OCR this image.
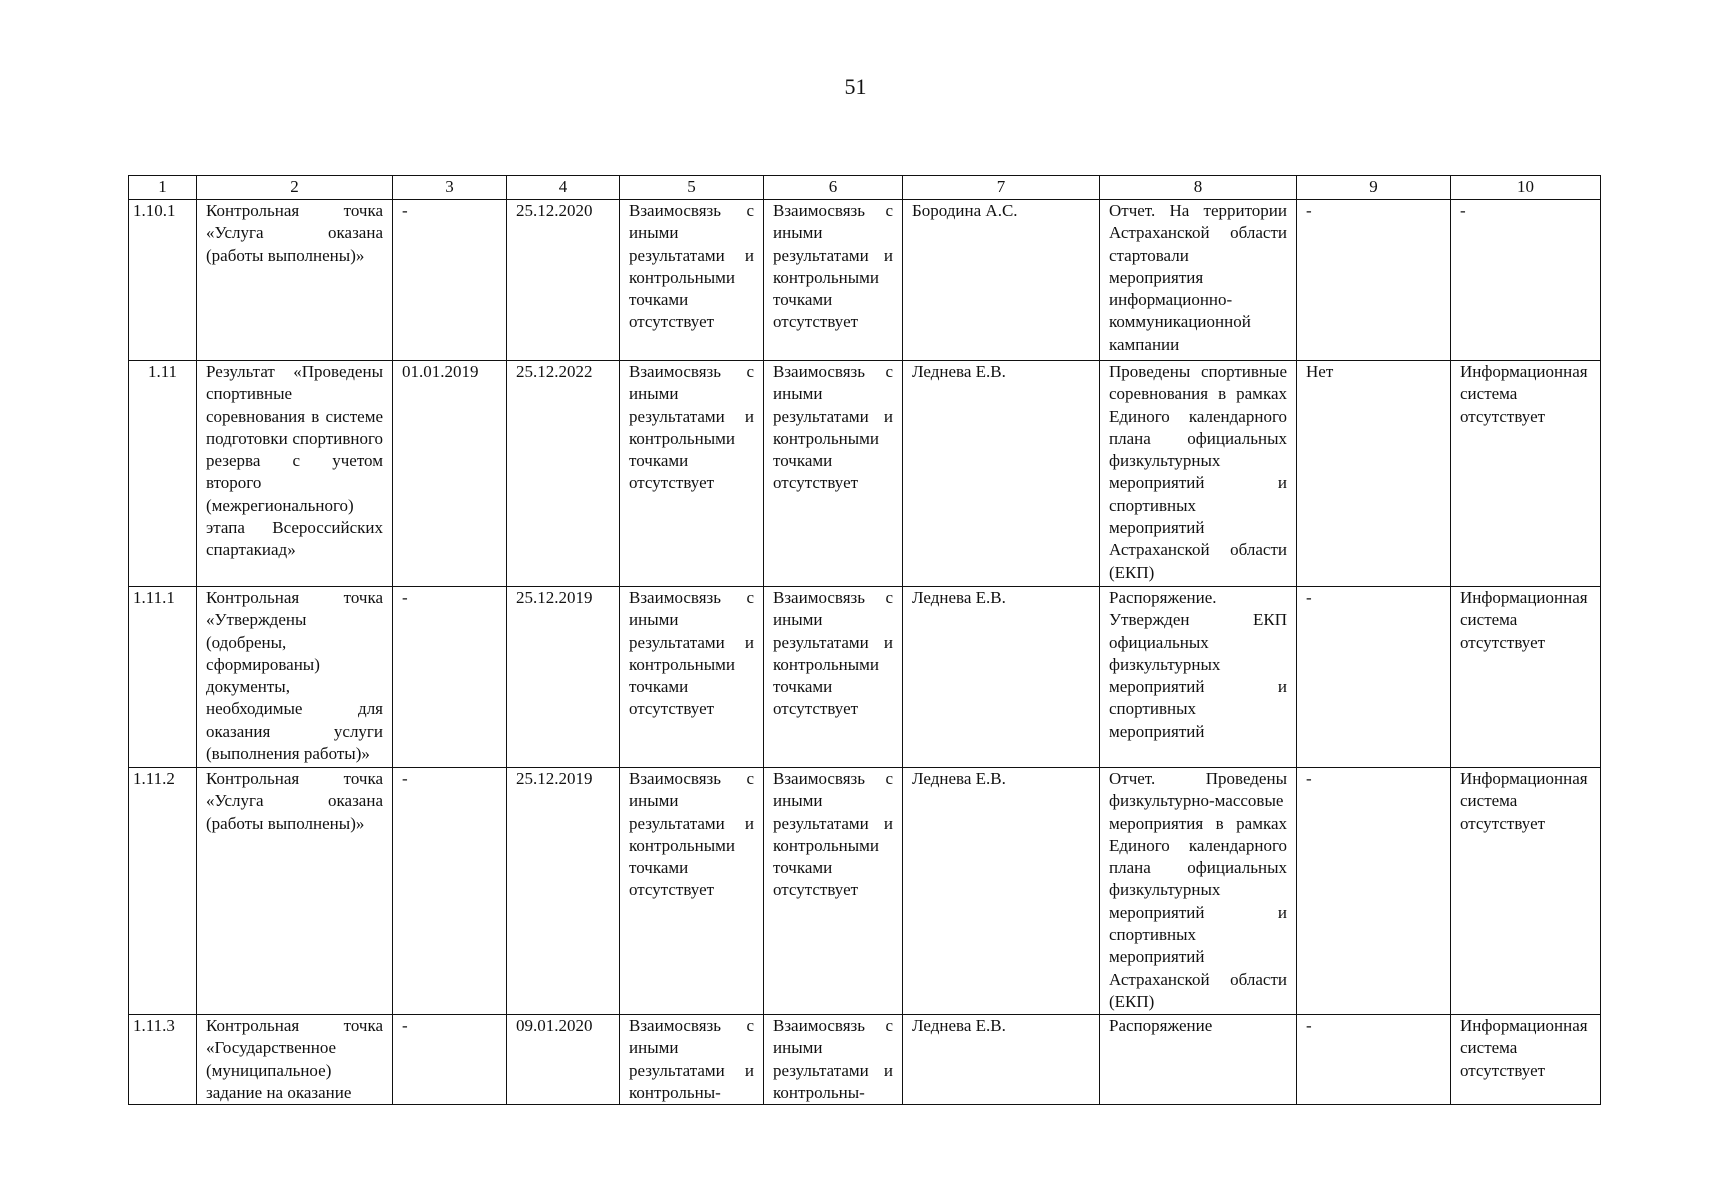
51
1	2	3	4	5	6	7	8	9	10
1.10.1	Контрольная точка «Услуга оказана (работы выполнены)»	-	25.12.2020	Взаимосвязь с иными результатами и контрольными точками отсутствует	Взаимосвязь с иными результатами и контрольными точками отсутствует	Бородина А.С.	Отчет. На территории Астраханской области стартовали мероприятия информационно-коммуникационной кампании	-	-
1.11	Результат «Проведены спортивные соревнования в системе подготовки спортивного резерва с учетом второго (межрегионального) этапа Всероссийских спартакиад»	01.01.2019	25.12.2022	Взаимосвязь с иными результатами и контрольными точками отсутствует	Взаимосвязь с иными результатами и контрольными точками отсутствует	Леднева Е.В.	Проведены спортивные соревнования в рамках Единого календарного плана официальных физкультурных мероприятий и спортивных мероприятий Астраханской области (ЕКП)	Нет	Информационная система отсутствует
1.11.1	Контрольная точка «Утверждены (одобрены, сформированы) документы, необходимые для оказания услуги (выполнения работы)»	-	25.12.2019	Взаимосвязь с иными результатами и контрольными точками отсутствует	Взаимосвязь с иными результатами и контрольными точками отсутствует	Леднева Е.В.	Распоряжение. Утвержден ЕКП официальных физкультурных мероприятий и спортивных мероприятий	-	Информационная система отсутствует
1.11.2	Контрольная точка «Услуга оказана (работы выполнены)»	-	25.12.2019	Взаимосвязь с иными результатами и контрольными точками отсутствует	Взаимосвязь с иными результатами и контрольными точками отсутствует	Леднева Е.В.	Отчет. Проведены физкультурно-массовые мероприятия в рамках Единого календарного плана официальных физкультурных мероприятий и спортивных мероприятий Астраханской области (ЕКП)	-	Информационная система отсутствует
1.11.3	Контрольная точка «Государственное (муниципальное) задание на оказание	-	09.01.2020	Взаимосвязь с иными результатами и контрольны-	Взаимосвязь с иными результатами и контрольны-	Леднева Е.В.	Распоряжение	-	Информационная система отсутствует
